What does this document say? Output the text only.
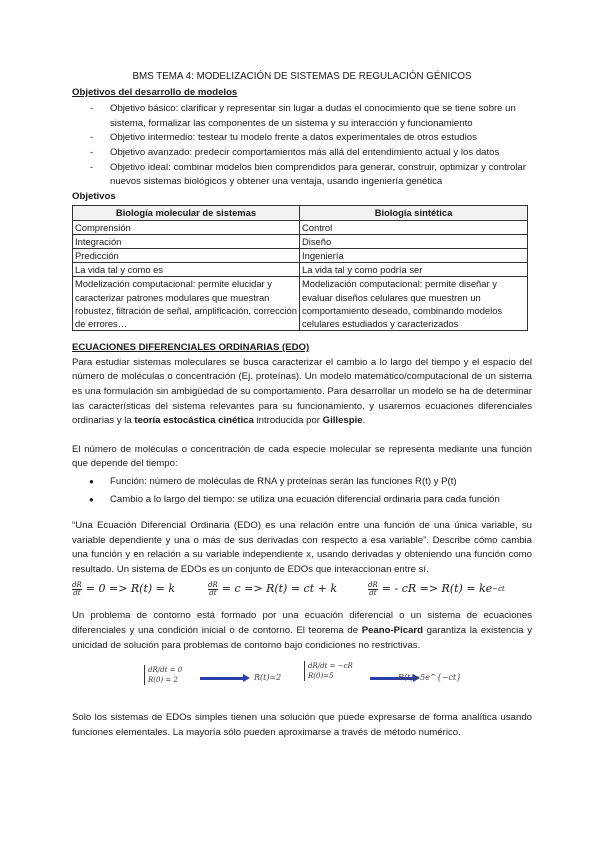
BMS TEMA 4: MODELIZACIÓN DE SISTEMAS DE REGULACIÓN GÉNICOS
Objetivos del desarrollo de modelos
- Objetivo básico: clarificar y representar sin lugar a dudas el conocimiento que se tiene sobre un sistema, formalizar las componentes de un sistema y su interacción y funcionamiento
- Objetivo intermedio: testear tu modelo frente a datos experimentales de otros estudios
- Objetivo avanzado: predecir comportamientos más allá del entendimiento actual y los datos
- Objetivo ideal: combinar modelos bien comprendidos para generar, construir, optimizar y controlar nuevos sistemas biológicos y obtener una ventaja, usando ingeniería genética
Objetivos
Biología molecular de sistemas	Biología sintética
Comprensión	Control
Integración	Diseño
Predicción	Ingeniería
La vida tal y como es	La vida tal y como podría ser
Modelización computacional: permite elucidar y caracterizar patrones modulares que muestran robustez, filtración de señal, amplificación, corrección de errores…	Modelización computacional: permite diseñar y evaluar diseños celulares que muestren un comportamiento deseado, combinando modelos celulares estudiados y caracterizados
ECUACIONES DIFERENCIALES ORDINARIAS (EDO)

Para estudiar sistemas moleculares se busca caracterizar el cambio a lo largo del tiempo y el espacio del número de moléculas o concentración (Ej. proteínas). Un modelo matemático/computacional de un sistema es una formulación sin ambigüedad de su comportamiento. Para desarrollar un modelo se ha de determinar las características del sistema relevantes para su funcionamiento, y usaremos ecuaciones diferenciales ordinarias y la teoría estocástica cinética introducida por Gillespie.

El número de moléculas o concentración de cada especie molecular se representa mediante una función que depende del tiempo:

● Función: número de moléculas de RNA y proteínas serán las funciones R(t) y P(t)
● Cambio a lo largo del tiempo: se utiliza una ecuación diferencial ordinaria para cada función

“Una Ecuación Diferencial Ordinaria (EDO) es una relación entre una función de una única variable, su variable dependiente y una o más de sus derivadas con respecto a esa variable”. Describe cómo cambia una función y en relación a su variable independiente x, usando derivadas y obteniendo una función como resultado. Un sistema de EDOs es un conjunto de EDOs que interaccionan entre sí.

$\frac{dR}{dt} = 0 => R(t) = k$	$\frac{dR}{dt} = c => R(t)$ = ct + k	$\frac{dR}{dt}$ = - cR => R(t) = ke −ct

Un problema de contorno está formado por una ecuación diferencial o un sistema de ecuaciones diferenciales y una condición inicial o de contorno. El teorema de Peano-Picard garantiza la existencia y unicidad de solución para problemas de contorno bajo condiciones no restrictivas.

dR/dt = 0
R(0) = 2	R(t)=2
dR/dt = −cR
R(0)=5	R(t)=5e^{−ct}

Solo los sistemas de EDOs simples tienen una solución que puede expresarse de forma analítica usando funciones elementales. La mayoría sólo pueden aproximarse a través de método numérico.
